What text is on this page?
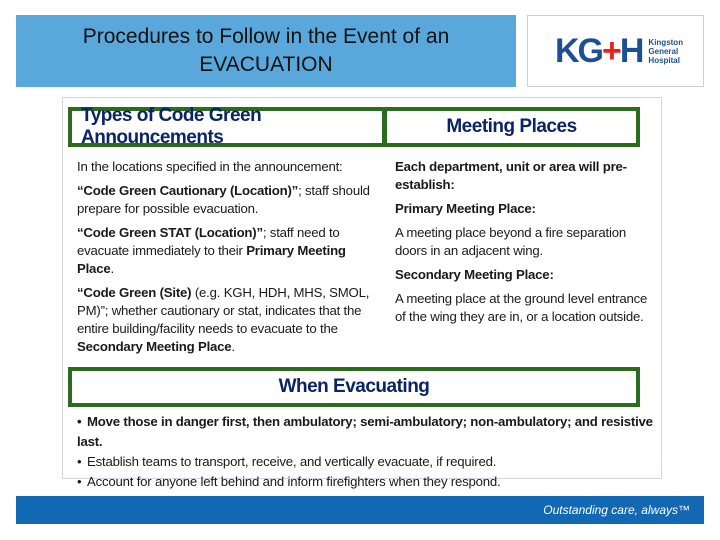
Procedures to Follow in the Event of an
EVACUATION	KG+H Kingston
General
Hospital
Types of Code Green Announcements
Meeting Places

In the locations specified in the announcement:

“Code Green Cautionary (Location)”; staff should prepare for possible evacuation.

“Code Green STAT (Location)”; staff need to evacuate immediately to their Primary Meeting Place.

“Code Green (Site) (e.g. KGH, HDH, MHS, SMOL, PM)”; whether cautionary or stat, indicates that the entire building/facility needs to evacuate to the Secondary Meeting Place.

Each department, unit or area will pre-establish:

Primary Meeting Place:

A meeting place beyond a fire separation doors in an adjacent wing.

Secondary Meeting Place:

A meeting place at the ground level entrance of the wing they are in, or a location outside.

When Evacuating
• Move those in danger first, then ambulatory; semi-ambulatory; non-ambulatory; and resistive last.
• Establish teams to transport, receive, and vertically evacuate, if required.
• Account for anyone left behind and inform firefighters when they respond.
Outstanding care, always™
